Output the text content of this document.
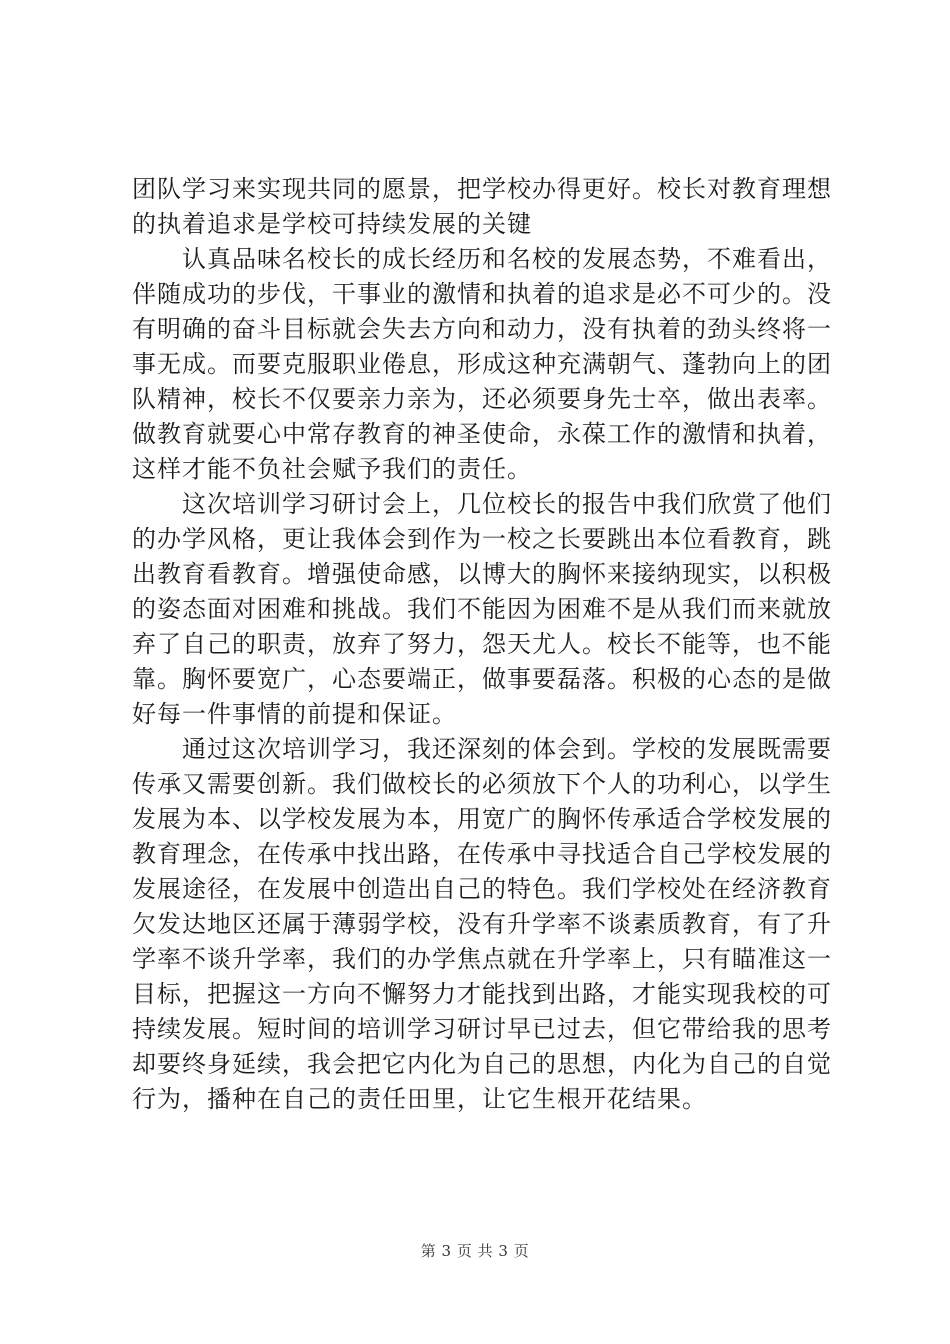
团队学习来实现共同的愿景，把学校办得更好。校长对教育理想的执着追求是学校可持续发展的关键

认真品味名校长的成长经历和名校的发展态势，不难看出，伴随成功的步伐，干事业的激情和执着的追求是必不可少的。没有明确的奋斗目标就会失去方向和动力，没有执着的劲头终将一事无成。而要克服职业倦息，形成这种充满朝气、蓬勃向上的团队精神，校长不仅要亲力亲为，还必须要身先士卒，做出表率。做教育就要心中常存教育的神圣使命，永葆工作的激情和执着，这样才能不负社会赋予我们的责任。

这次培训学习研讨会上，几位校长的报告中我们欣赏了他们的办学风格，更让我体会到作为一校之长要跳出本位看教育，跳出教育看教育。增强使命感，以博大的胸怀来接纳现实，以积极的姿态面对困难和挑战。我们不能因为困难不是从我们而来就放弃了自己的职责，放弃了努力，怨天尤人。校长不能等，也不能靠。胸怀要宽广，心态要端正，做事要磊落。积极的心态的是做好每一件事情的前提和保证。

通过这次培训学习，我还深刻的体会到。学校的发展既需要传承又需要创新。我们做校长的必须放下个人的功利心，以学生发展为本、以学校发展为本，用宽广的胸怀传承适合学校发展的教育理念，在传承中找出路，在传承中寻找适合自己学校发展的发展途径，在发展中创造出自己的特色。我们学校处在经济教育欠发达地区还属于薄弱学校，没有升学率不谈素质教育，有了升学率不谈升学率，我们的办学焦点就在升学率上，只有瞄准这一目标，把握这一方向不懈努力才能找到出路，才能实现我校的可持续发展。短时间的培训学习研讨早已过去，但它带给我的思考却要终身延续，我会把它内化为自己的思想，内化为自己的自觉行为，播种在自己的责任田里，让它生根开花结果。

第 3 页 共 3 页
